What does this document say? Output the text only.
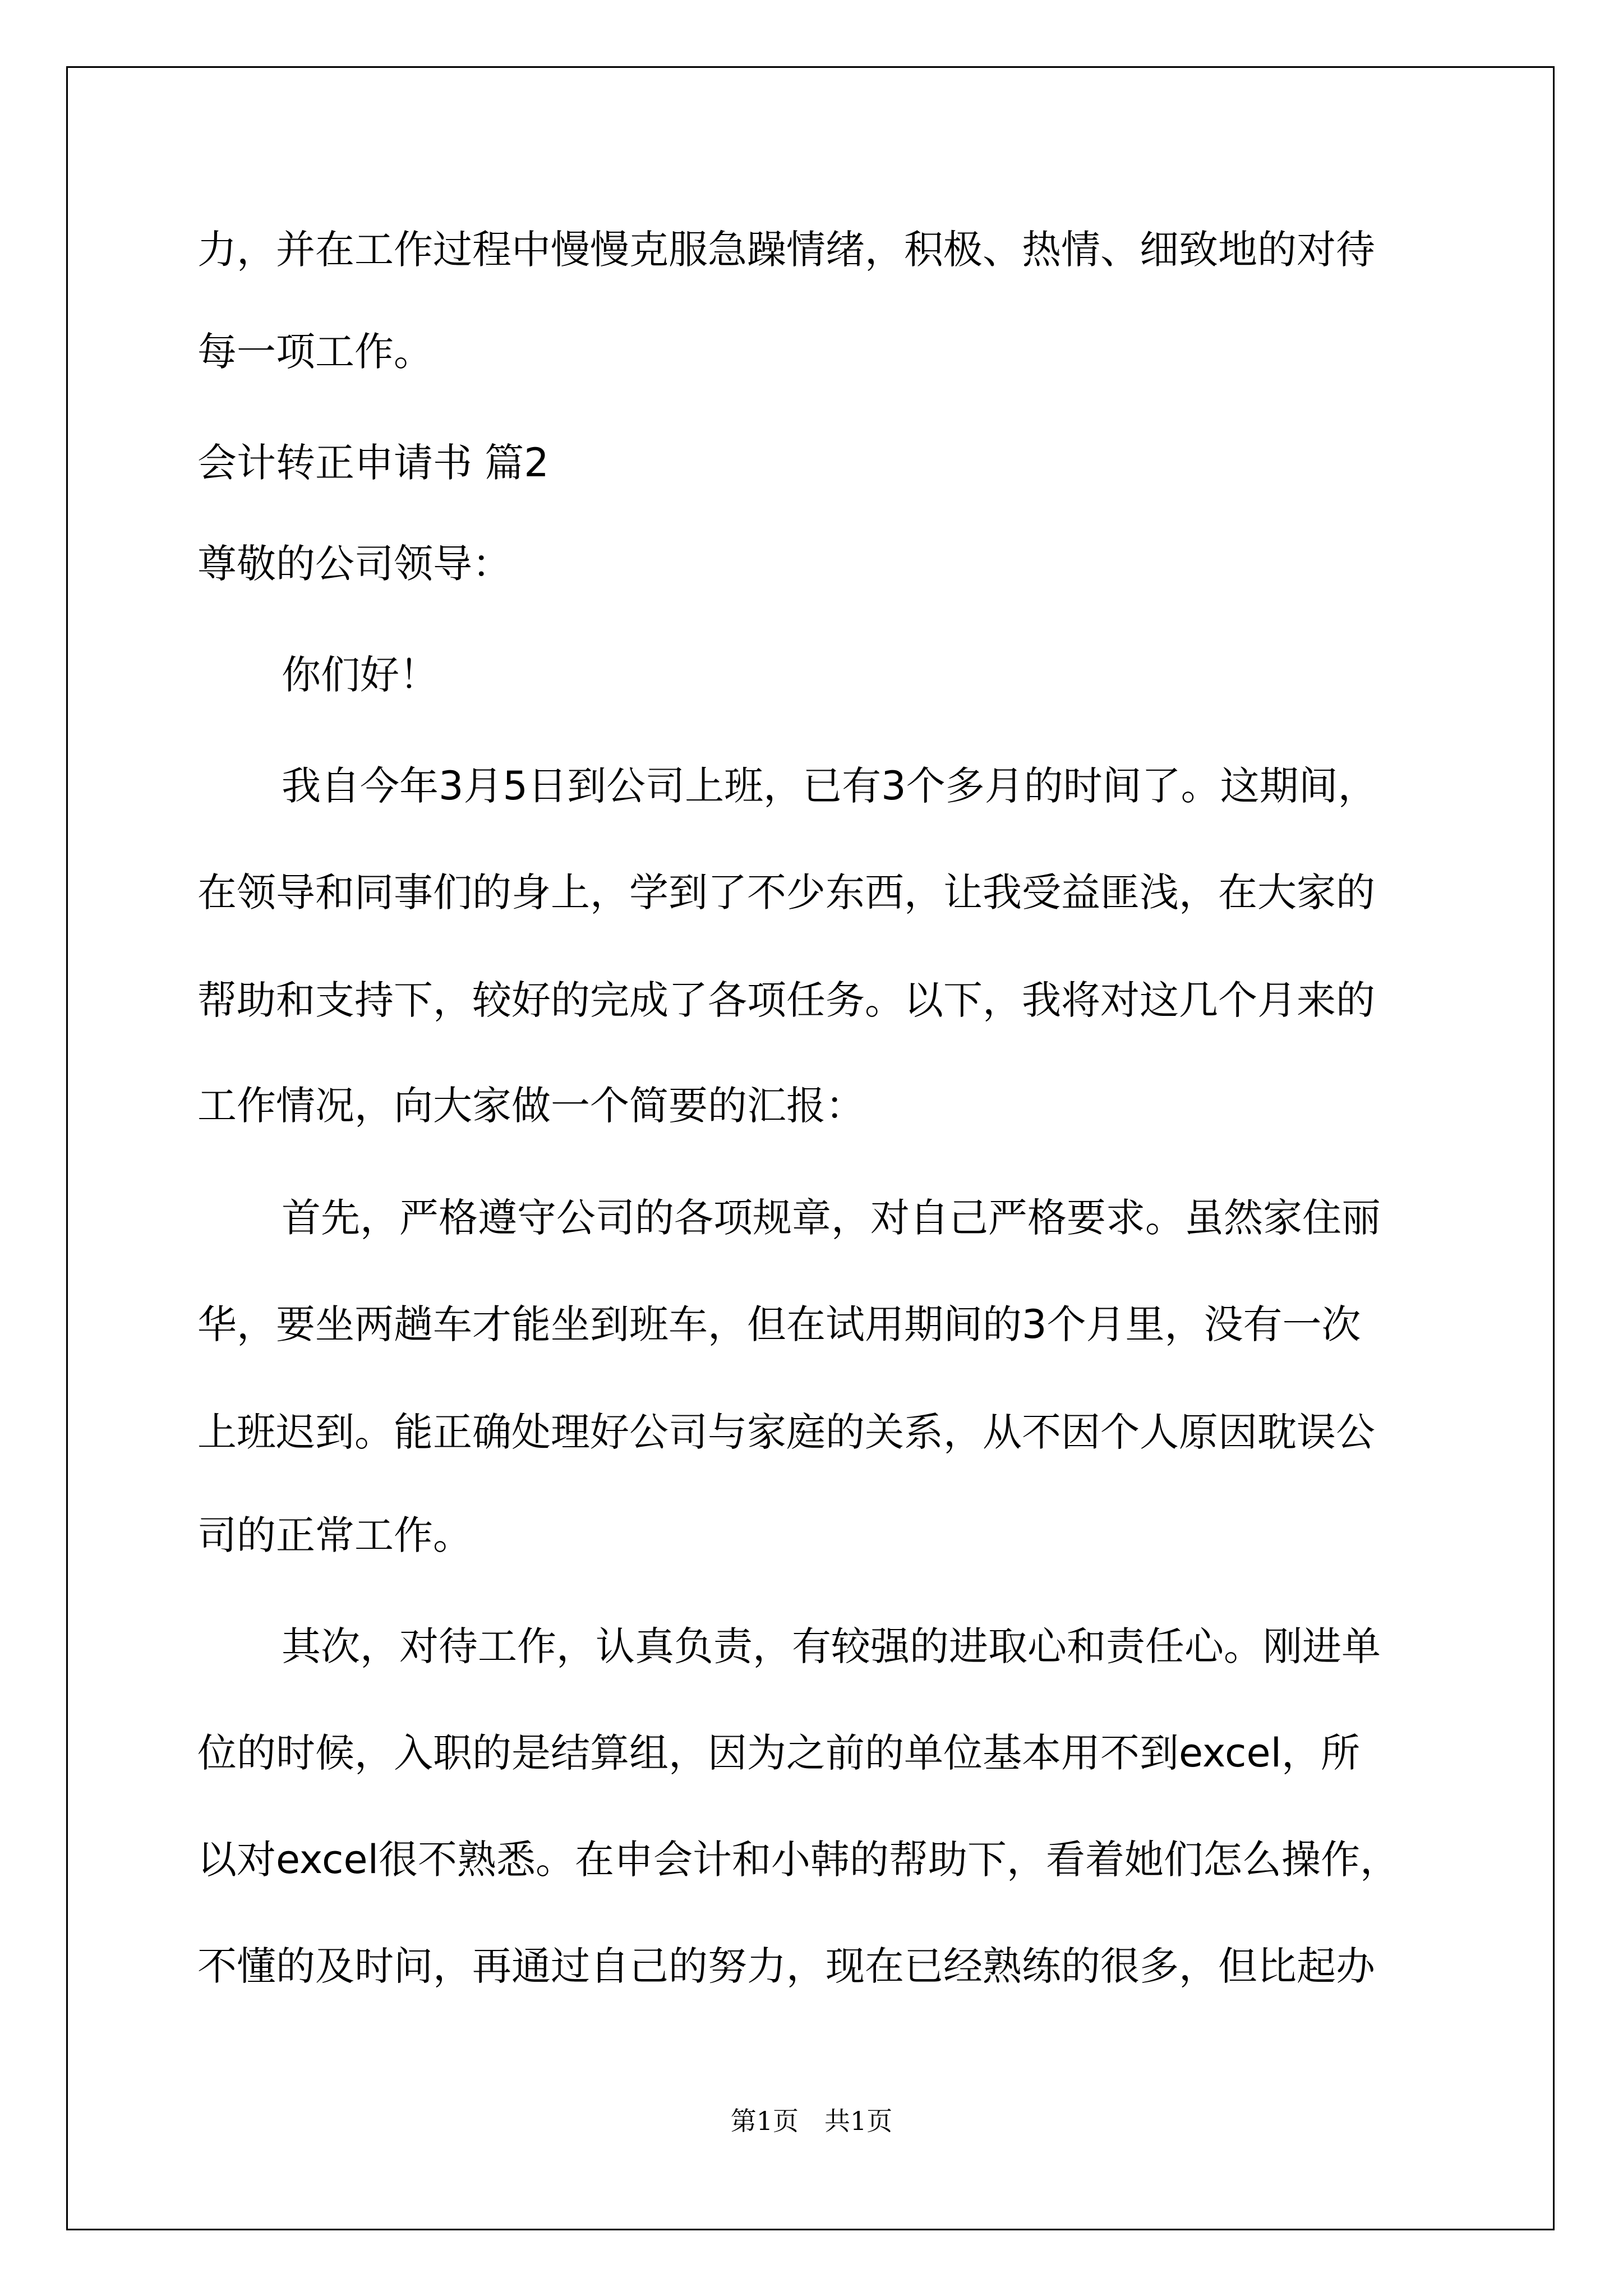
力，并在工作过程中慢慢克服急躁情绪，积极、热情、细致地的对待
每一项工作。
会计转正申请书 篇2
尊敬的公司领导：
你们好！
我自今年3月5日到公司上班，已有3个多月的时间了。这期间，
在领导和同事们的身上，学到了不少东西，让我受益匪浅，在大家的
帮助和支持下，较好的完成了各项任务。以下，我将对这几个月来的
工作情况，向大家做一个简要的汇报：
首先，严格遵守公司的各项规章，对自己严格要求。虽然家住丽
华，要坐两趟车才能坐到班车，但在试用期间的3个月里，没有一次
上班迟到。能正确处理好公司与家庭的关系，从不因个人原因耽误公
司的正常工作。
其次，对待工作，认真负责，有较强的进取心和责任心。刚进单
位的时候，入职的是结算组，因为之前的单位基本用不到excel，所
以对excel很不熟悉。在申会计和小韩的帮助下，看着她们怎么操作，
不懂的及时问，再通过自己的努力，现在已经熟练的很多，但比起办
第1页　共1页
